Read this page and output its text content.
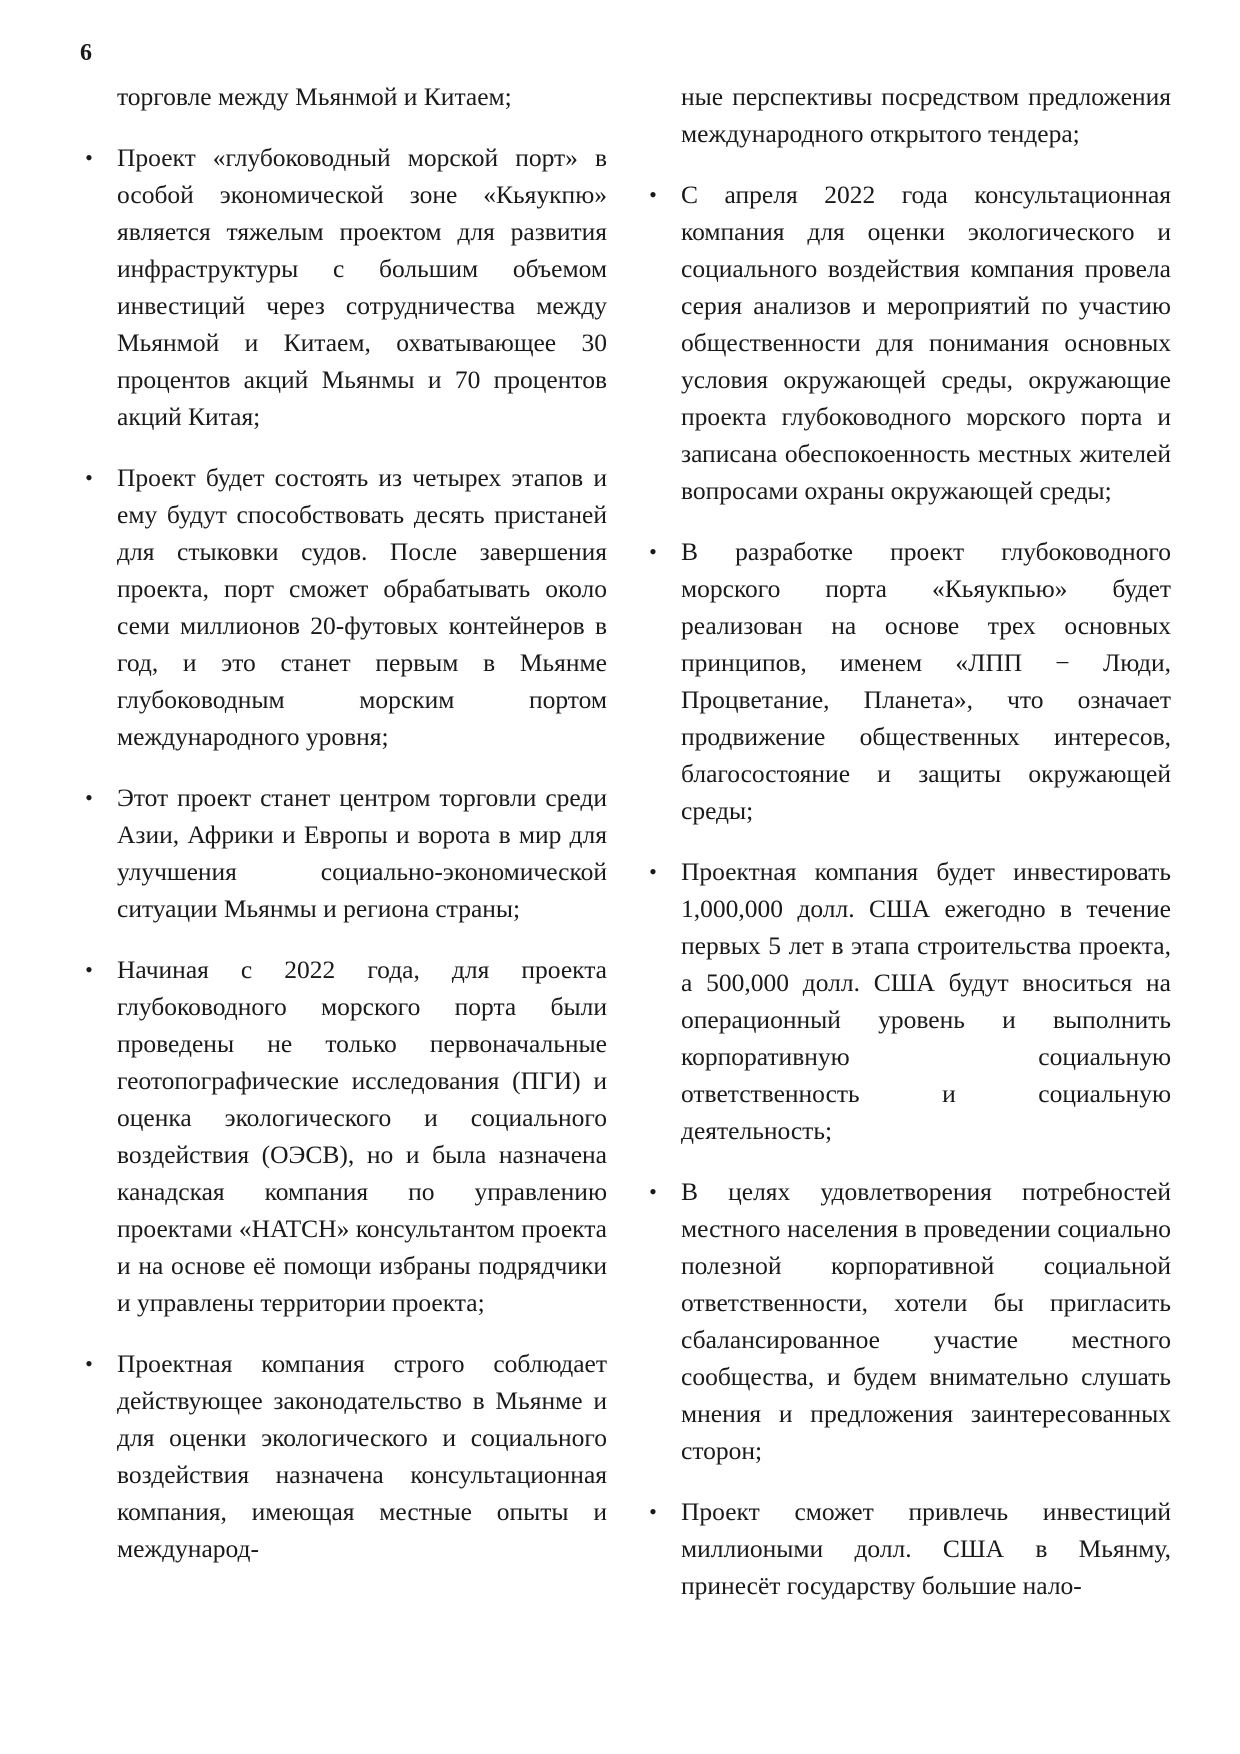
6

торговле между Мьянмой и Китаем;

• Проект «глубоководный морской порт» в особой экономической зоне «Кьяукпю» является тяжелым проектом для развития инфраструктуры с большим объемом инвестиций через сотрудничества между Мьянмой и Китаем, охватывающее 30 процентов акций Мьянмы и 70 процентов акций Китая;
• Проект будет состоять из четырех этапов и ему будут способствовать десять пристаней для стыковки судов. После завершения проекта, порт сможет обрабатывать около семи миллионов 20-футовых контейнеров в год, и это станет первым в Мьянме глубоководным морским портом международного уровня;
• Этот проект станет центром торговли среди Азии, Африки и Европы и ворота в мир для улучшения социально-экономической ситуации Мьянмы и региона страны;
• Начиная с 2022 года, для проекта глубоководного морского порта были проведены не только первоначальные геотопографические исследования (ПГИ) и оценка экологического и социального воздействия (ОЭСВ), но и была назначена канадская компания по управлению проектами «HATCH» консультантом проекта и на основе её помощи избраны подрядчики и управлены территории проекта;
• Проектная компания строго соблюдает действующее законодательство в Мьянме и для оценки экологического и социального воздействия назначена консультационная компания, имеющая местные опыты и международ-

ные перспективы посредством предложения международного открытого тендера;

• С апреля 2022 года консультационная компания для оценки экологического и социального воздействия компания провела серия анализов и мероприятий по участию общественности для понимания основных условия окружающей среды, окружающие проекта глубоководного морского порта и записана обеспокоенность местных жителей вопросами охраны окружающей среды;
• В разработке проект глубоководного морского порта «Кьяукпью» будет реализован на основе трех основных принципов, именем «ЛПП − Люди, Процветание, Планета», что означает продвижение общественных интересов, благосостояние и защиты окружающей среды;
• Проектная компания будет инвестировать 1,000,000 долл. США ежегодно в течение первых 5 лет в этапа строительства проекта, а 500,000 долл. США будут вноситься на операционный уровень и выполнить корпоративную социальную ответственность и социальную деятельность;
• В целях удовлетворения потребностей местного населения в проведении социально полезной корпоративной социальной ответственности, хотели бы пригласить сбалансированное участие местного сообщества, и будем внимательно слушать мнения и предложения заинтересованных сторон;
• Проект сможет привлечь инвестиций миллиоными долл. США в Мьянму, принесёт государству большие нало-
